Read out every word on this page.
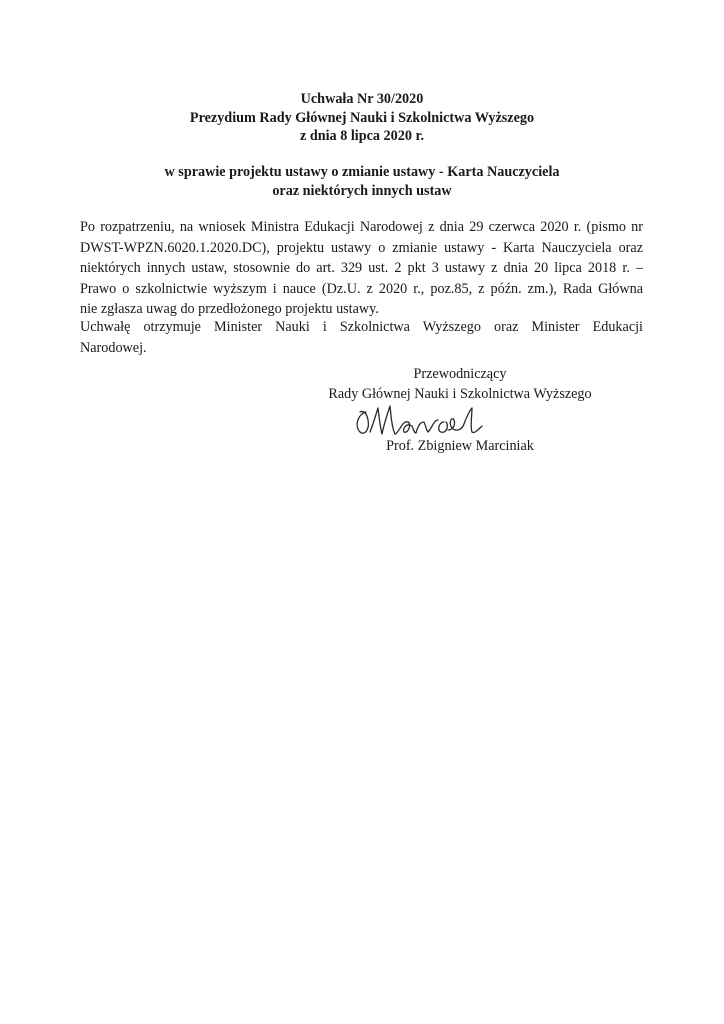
Uchwała Nr 30/2020
Prezydium Rady Głównej Nauki i Szkolnictwa Wyższego
z dnia 8 lipca 2020 r.
w sprawie projektu ustawy o zmianie ustawy - Karta Nauczyciela
oraz niektórych innych ustaw
Po rozpatrzeniu, na wniosek Ministra Edukacji Narodowej z dnia 29 czerwca 2020 r. (pismo nr
DWST-WPZN.6020.1.2020.DC), projektu ustawy o zmianie ustawy - Karta Nauczyciela oraz
niektórych innych ustaw, stosownie do art. 329 ust. 2 pkt 3 ustawy z dnia 20 lipca 2018 r. –
Prawo o szkolnictwie wyższym i nauce (Dz.U. z 2020 r., poz.85, z późn. zm.), Rada Główna
nie zgłasza uwag do przedłożonego projektu ustawy.
Uchwałę otrzymuje Minister Nauki i Szkolnictwa Wyższego oraz Minister Edukacji
Narodowej.
Przewodniczący
Rady Głównej Nauki i Szkolnictwa Wyższego
Prof. Zbigniew Marciniak
